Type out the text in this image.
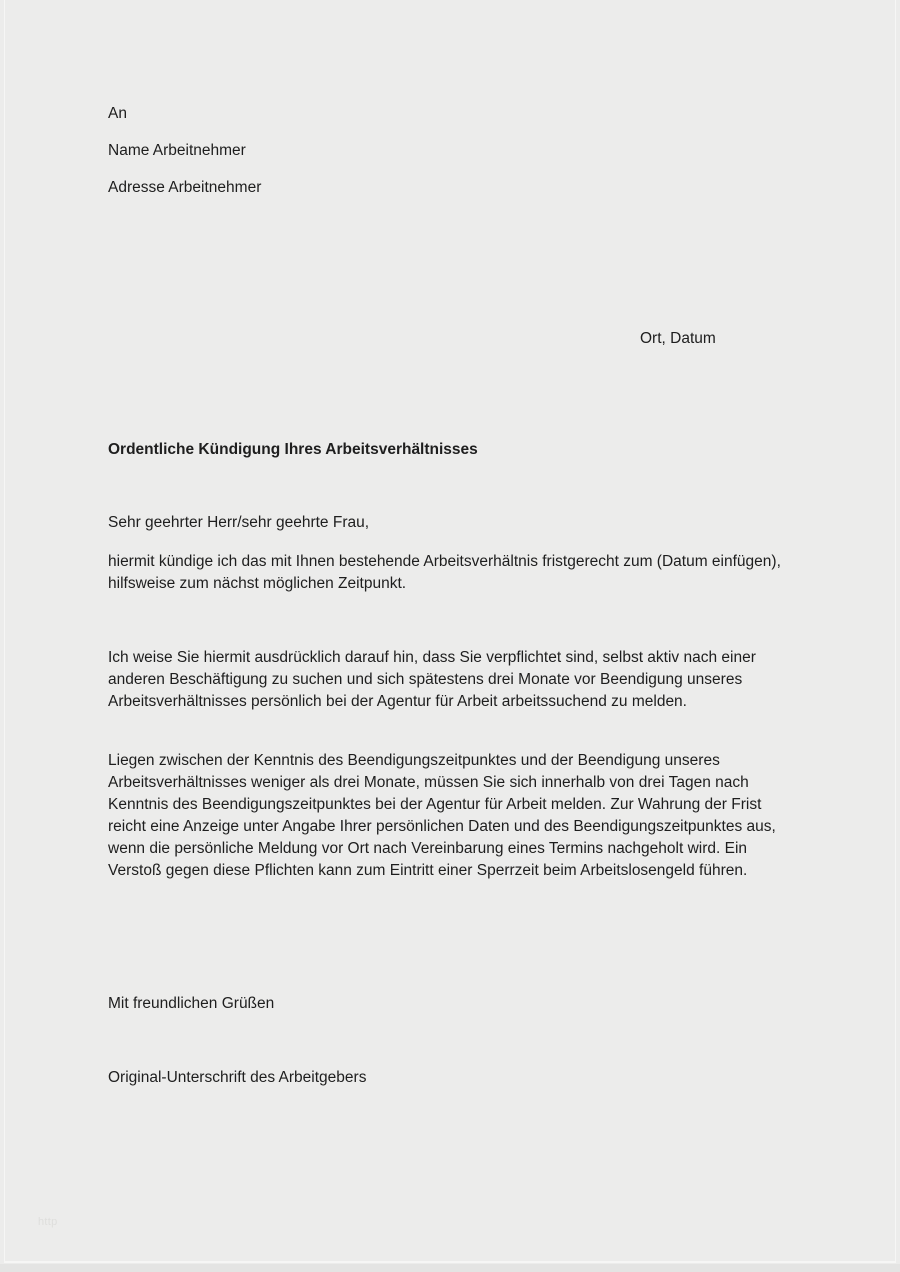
An

Name Arbeitnehmer

Adresse Arbeitnehmer

Ort, Datum
Ordentliche Kündigung Ihres Arbeitsverhältnisses

Sehr geehrter Herr/sehr geehrte Frau,

hiermit kündige ich das mit Ihnen bestehende Arbeitsverhältnis fristgerecht zum (Datum einfügen), hilfsweise zum nächst möglichen Zeitpunkt.

Ich weise Sie hiermit ausdrücklich darauf hin, dass Sie verpflichtet sind, selbst aktiv nach einer anderen Beschäftigung zu suchen und sich spätestens drei Monate vor Beendigung unseres Arbeitsverhältnisses persönlich bei der Agentur für Arbeit arbeitssuchend zu melden.

Liegen zwischen der Kenntnis des Beendigungszeitpunktes und der Beendigung unseres Arbeitsverhältnisses weniger als drei Monate, müssen Sie sich innerhalb von drei Tagen nach Kenntnis des Beendigungszeitpunktes bei der Agentur für Arbeit melden. Zur Wahrung der Frist reicht eine Anzeige unter Angabe Ihrer persönlichen Daten und des Beendigungszeitpunktes aus, wenn die persönliche Meldung vor Ort nach Vereinbarung eines Termins nachgeholt wird. Ein Verstoß gegen diese Pflichten kann zum Eintritt einer Sperrzeit beim Arbeitslosengeld führen.

Mit freundlichen Grüßen

Original-Unterschrift des Arbeitgebers

http
